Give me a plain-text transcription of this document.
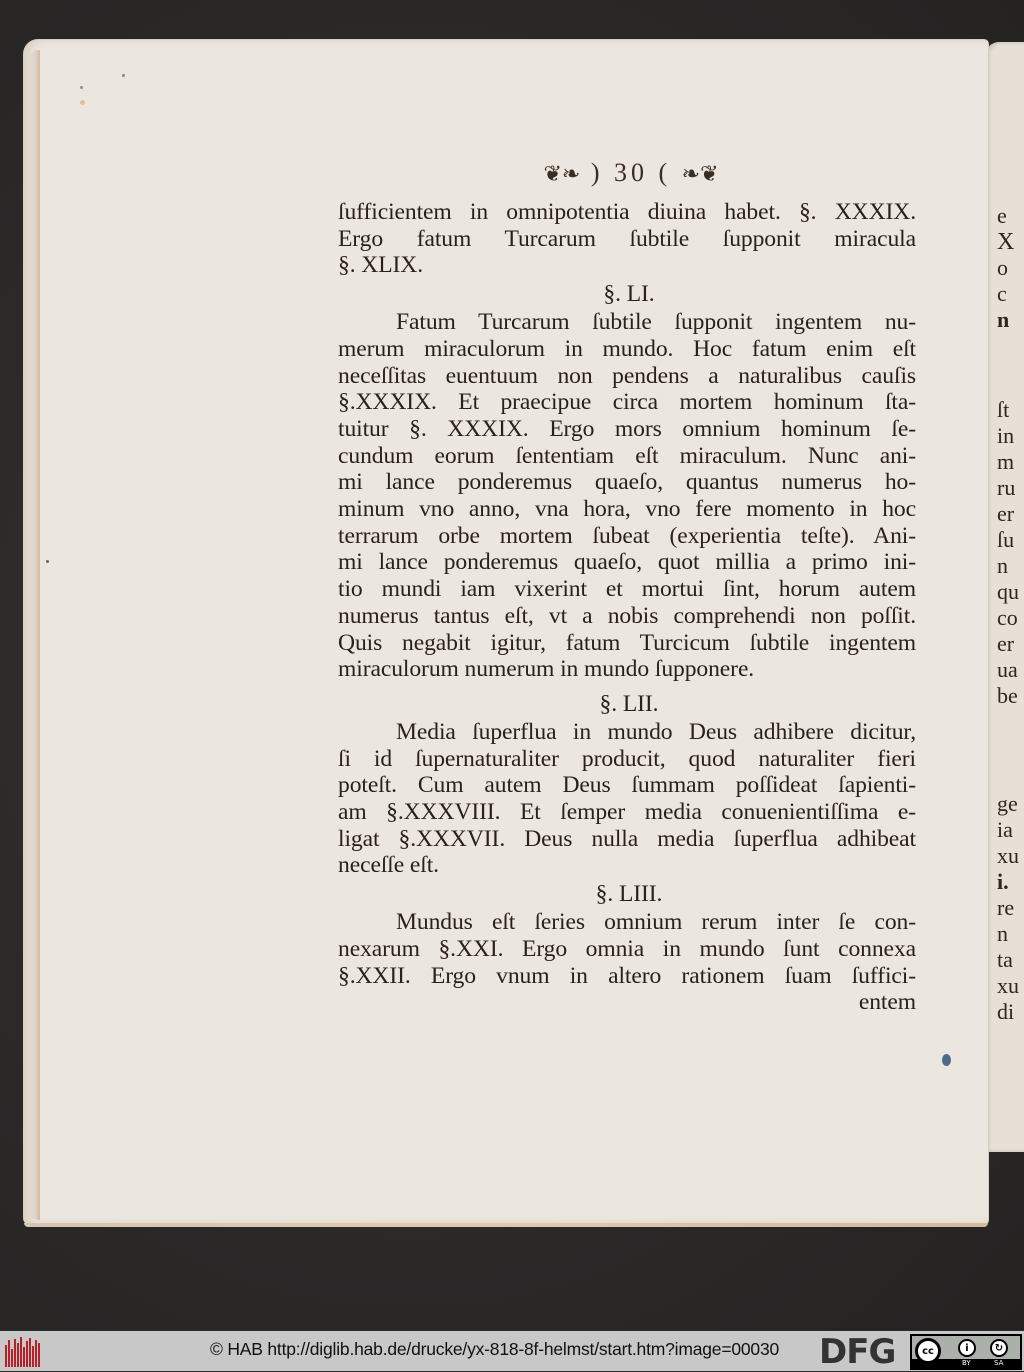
e
X
o
c
n
ſt
in
m
ru
er
ſu
n
qu
co
er
ua
be
ge
ia
xu
i.
re
n
ta
xu
di
❦❧ ) 30 ( ❧❦
ſufficientem in omnipotentia diuina habet. §. XXXIX.
Ergo fatum Turcarum ſubtile ſupponit miracula
§. XLIX.
§. LI.
Fatum Turcarum ſubtile ſupponit ingentem nu-
merum miraculorum in mundo. Hoc fatum enim eſt
neceſſitas euentuum non pendens a naturalibus cauſis
§.XXXIX. Et praecipue circa mortem hominum ſta-
tuitur §. XXXIX. Ergo mors omnium hominum ſe-
cundum eorum ſententiam eſt miraculum. Nunc ani-
mi lance ponderemus quaeſo, quantus numerus ho-
minum vno anno, vna hora, vno fere momento in hoc
terrarum orbe mortem ſubeat (experientia teſte). Ani-
mi lance ponderemus quaeſo, quot millia a primo ini-
tio mundi iam vixerint et mortui ſint, horum autem
numerus tantus eſt, vt a nobis comprehendi non poſſit.
Quis negabit igitur, fatum Turcicum ſubtile ingentem
miraculorum numerum in mundo ſupponere.
§. LII.
Media ſuperflua in mundo Deus adhibere dicitur,
ſi id ſupernaturaliter producit, quod naturaliter fieri
poteſt. Cum autem Deus ſummam poſſideat ſapienti-
am §.XXXVIII. Et ſemper media conuenientiſſima e-
ligat §.XXXVII. Deus nulla media ſuperflua adhibeat
neceſſe eſt.
§. LIII.
Mundus eſt ſeries omnium rerum inter ſe con-
nexarum §.XXI. Ergo omnia in mundo ſunt connexa
§.XXII. Ergo vnum in altero rationem ſuam ſuffici-
entem
© HAB http://diglib.hab.de/drucke/yx-818-8f-helmst/start.htm?image=00030	DFG	cc	i	↻
BY	SA
